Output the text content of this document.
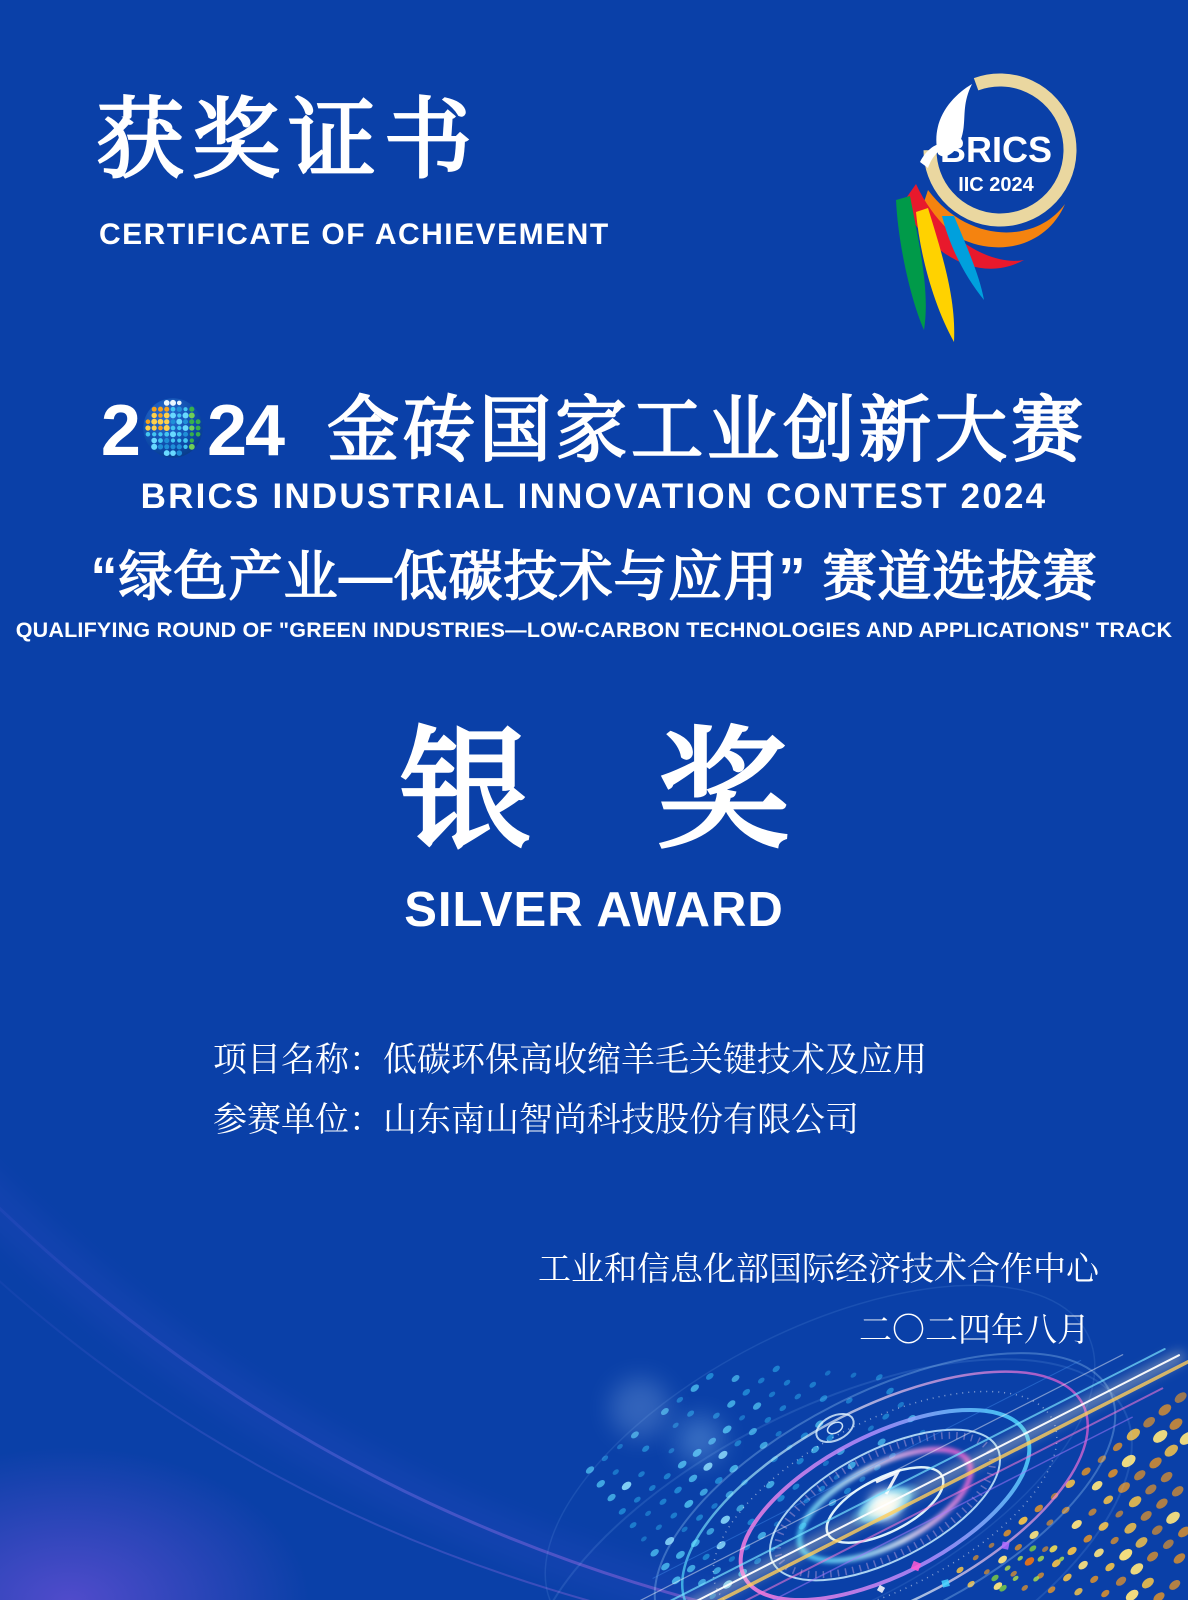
获奖证书
CERTIFICATE OF ACHIEVEMENT
BRICS
IIC 2024
2 24 金砖国家工业创新大赛
BRICS INDUSTRIAL INNOVATION CONTEST 2024
“绿色产业—低碳技术与应用” 赛道选拔赛
QUALIFYING ROUND OF "GREEN INDUSTRIES—LOW-CARBON TECHNOLOGIES AND APPLICATIONS" TRACK
银奖
SILVER AWARD
项目名称：低碳环保高收缩羊毛关键技术及应用
参赛单位：山东南山智尚科技股份有限公司
工业和信息化部国际经济技术合作中心
二〇二四年八月
